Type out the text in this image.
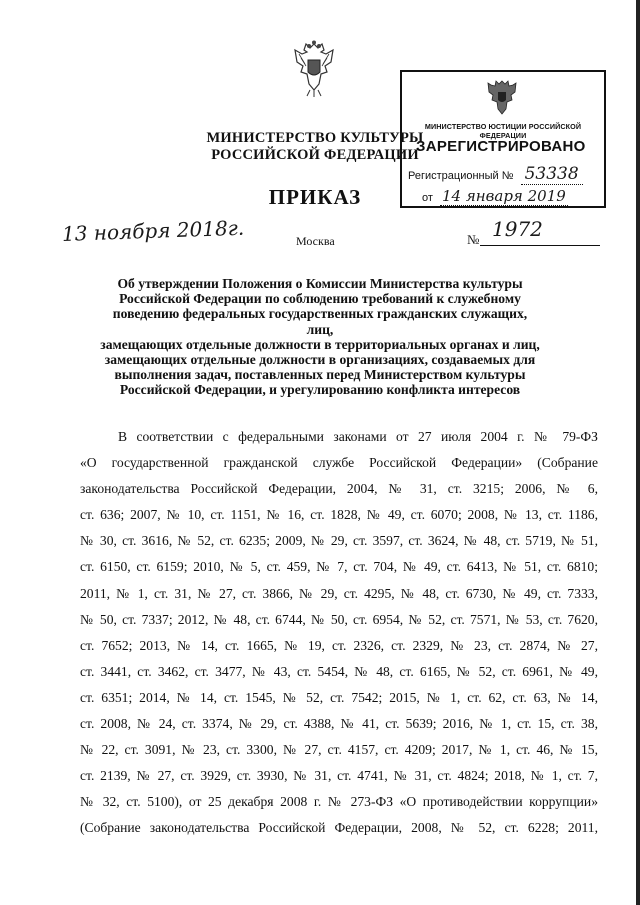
МИНИСТЕРСТВО КУЛЬТУРЫ
РОССИЙСКОЙ ФЕДЕРАЦИИ
ПРИКАЗ
МИНИСТЕРСТВО ЮСТИЦИИ РОССИЙСКОЙ ФЕДЕРАЦИИ
ЗАРЕГИСТРИРОВАНО
Регистрационный № 53338
от 14 января 2019
13 ноября 2018г.	Москва	№ 1972
Об утверждении Положения о Комиссии Министерства культуры
Российской Федерации по соблюдению требований к служебному
поведению федеральных государственных гражданских служащих, лиц,
замещающих отдельные должности в территориальных органах и лиц,
замещающих отдельные должности в организациях, создаваемых для
выполнения задач, поставленных перед Министерством культуры
Российской Федерации, и урегулированию конфликта интересов
В соответствии с федеральными законами от 27 июля 2004 г. № 79-ФЗ
«О государственной гражданской службе Российской Федерации» (Собрание
законодательства Российской Федерации, 2004, № 31, ст. 3215; 2006, № 6,
ст. 636; 2007, № 10, ст. 1151, № 16, ст. 1828, № 49, ст. 6070; 2008, № 13, ст. 1186,
№ 30, ст. 3616, № 52, ст. 6235; 2009, № 29, ст. 3597, ст. 3624, № 48, ст. 5719, № 51,
ст. 6150, ст. 6159; 2010, № 5, ст. 459, № 7, ст. 704, № 49, ст. 6413, № 51, ст. 6810;
2011, № 1, ст. 31, № 27, ст. 3866, № 29, ст. 4295, № 48, ст. 6730, № 49, ст. 7333,
№ 50, ст. 7337; 2012, № 48, ст. 6744, № 50, ст. 6954, № 52, ст. 7571, № 53, ст. 7620,
ст. 7652; 2013, № 14, ст. 1665, № 19, ст. 2326, ст. 2329, № 23, ст. 2874, № 27,
ст. 3441, ст. 3462, ст. 3477, № 43, ст. 5454, № 48, ст. 6165, № 52, ст. 6961, № 49,
ст. 6351; 2014, № 14, ст. 1545, № 52, ст. 7542; 2015, № 1, ст. 62, ст. 63, № 14,
ст. 2008, № 24, ст. 3374, № 29, ст. 4388, № 41, ст. 5639; 2016, № 1, ст. 15, ст. 38,
№ 22, ст. 3091, № 23, ст. 3300, № 27, ст. 4157, ст. 4209; 2017, № 1, ст. 46, № 15,
ст. 2139, № 27, ст. 3929, ст. 3930, № 31, ст. 4741, № 31, ст. 4824; 2018, № 1, ст. 7,
№ 32, ст. 5100), от 25 декабря 2008 г. № 273-ФЗ «О противодействии коррупции»
(Собрание законодательства Российской Федерации, 2008, № 52, ст. 6228; 2011,
